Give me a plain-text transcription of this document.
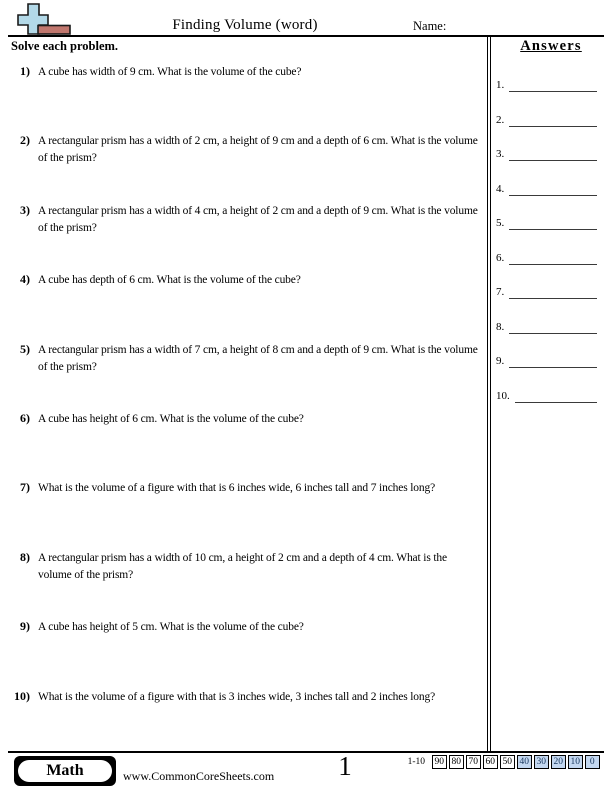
Finding Volume (word)	Name:
Solve each problem.
1) A cube has width of 9 cm. What is the volume of the cube?
2) A rectangular prism has a width of 2 cm, a height of 9 cm and a depth of 6 cm. What is the volume of the prism?
3) A rectangular prism has a width of 4 cm, a height of 2 cm and a depth of 9 cm. What is the volume of the prism?
4) A cube has depth of 6 cm. What is the volume of the cube?
5) A rectangular prism has a width of 7 cm, a height of 8 cm and a depth of 9 cm. What is the volume of the prism?
6) A cube has height of 6 cm. What is the volume of the cube?
7) What is the volume of a figure with that is 6 inches wide, 6 inches tall and 7 inches long?
8) A rectangular prism has a width of 10 cm, a height of 2 cm and a depth of 4 cm. What is the volume of the prism?
9) A cube has height of 5 cm. What is the volume of the cube?
10) What is the volume of a figure with that is 3 inches wide, 3 inches tall and 2 inches long?
Answers
1.
2.
3.
4.
5.
6.
7.
8.
9.
10.
Math	www.CommonCoreSheets.com	1	1-10	90 80 70 60 50 40 30 20 10	0
